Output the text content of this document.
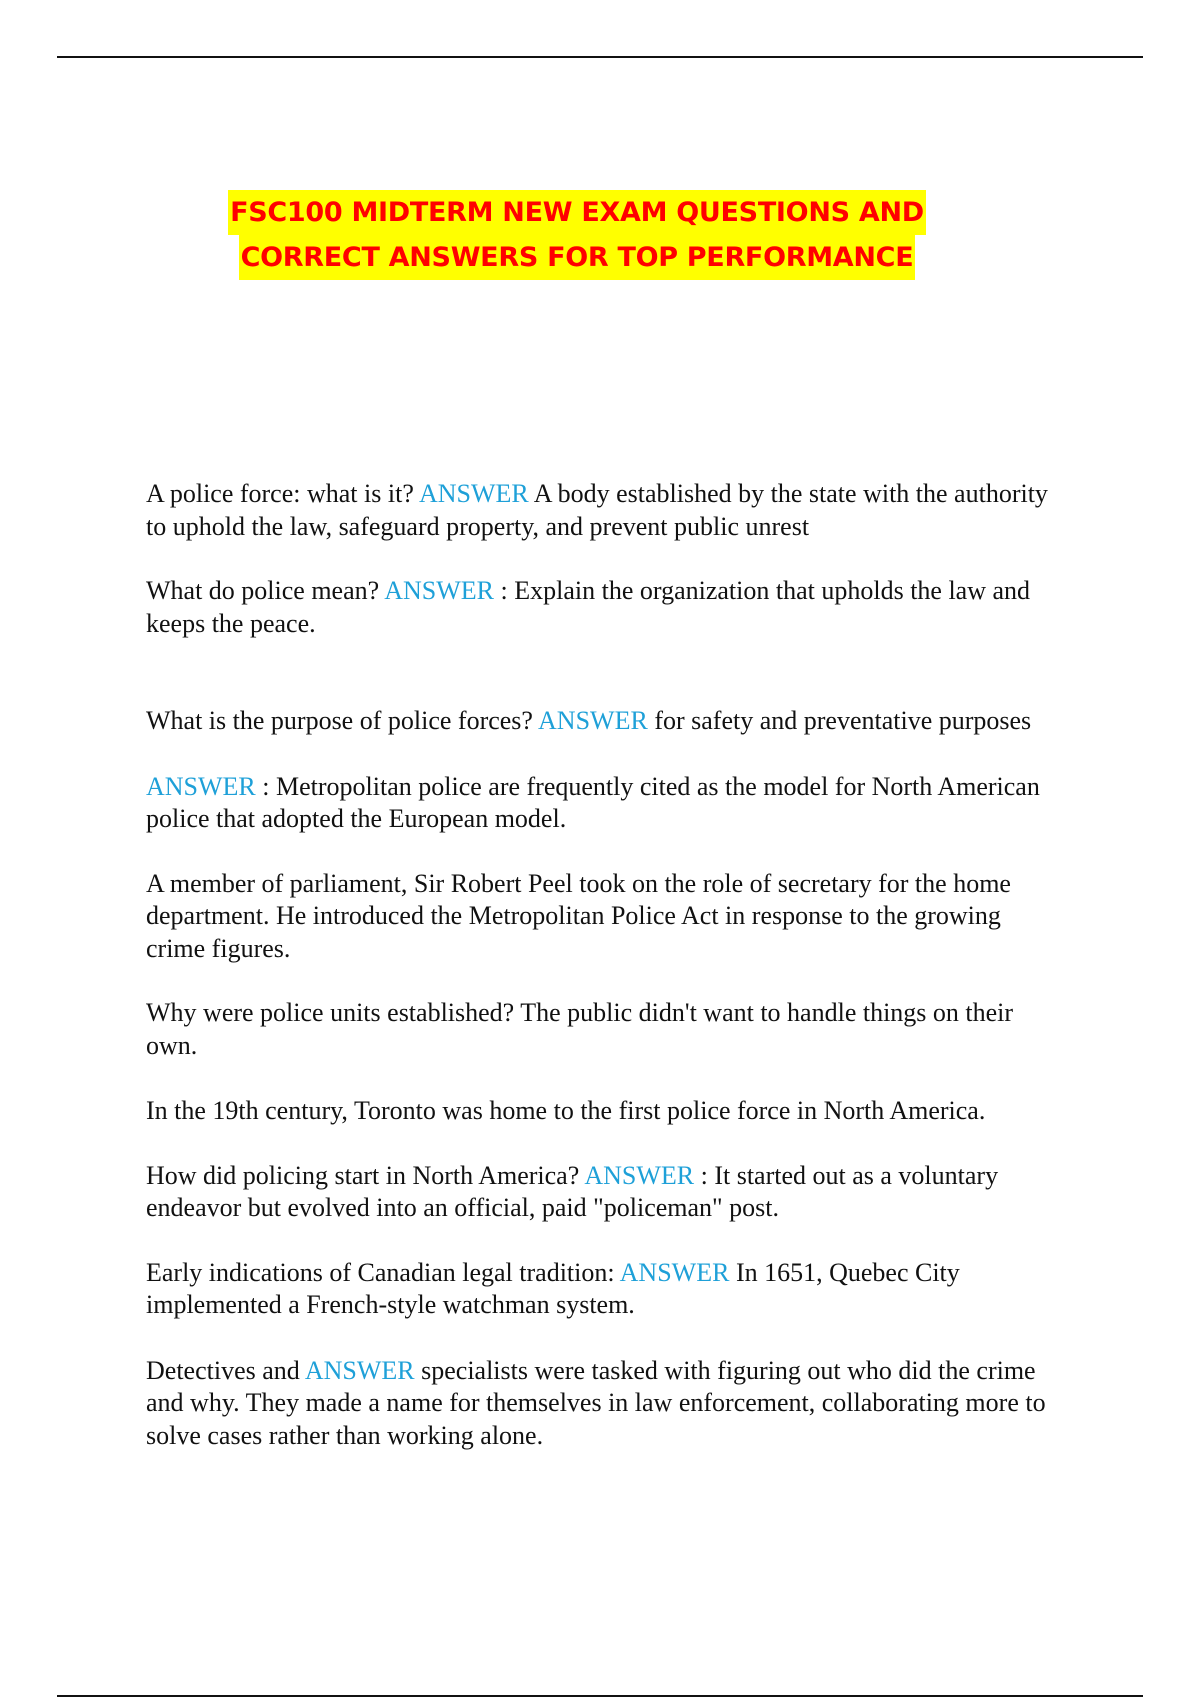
FSC100 MIDTERM NEW EXAM QUESTIONS AND
CORRECT ANSWERS FOR TOP PERFORMANCE

A police force: what is it? ANSWER A body established by the state with the authority to uphold the law, safeguard property, and prevent public unrest

What do police mean? ANSWER : Explain the organization that upholds the law and keeps the peace.

What is the purpose of police forces? ANSWER for safety and preventative purposes

ANSWER : Metropolitan police are frequently cited as the model for North American police that adopted the European model.

A member of parliament, Sir Robert Peel took on the role of secretary for the home department. He introduced the Metropolitan Police Act in response to the growing crime figures.

Why were police units established? The public didn't want to handle things on their own.

In the 19th century, Toronto was home to the first police force in North America.

How did policing start in North America? ANSWER : It started out as a voluntary endeavor but evolved into an official, paid "policeman" post.

Early indications of Canadian legal tradition: ANSWER In 1651, Quebec City implemented a French-style watchman system.

Detectives and ANSWER specialists were tasked with figuring out who did the crime and why. They made a name for themselves in law enforcement, collaborating more to solve cases rather than working alone.
